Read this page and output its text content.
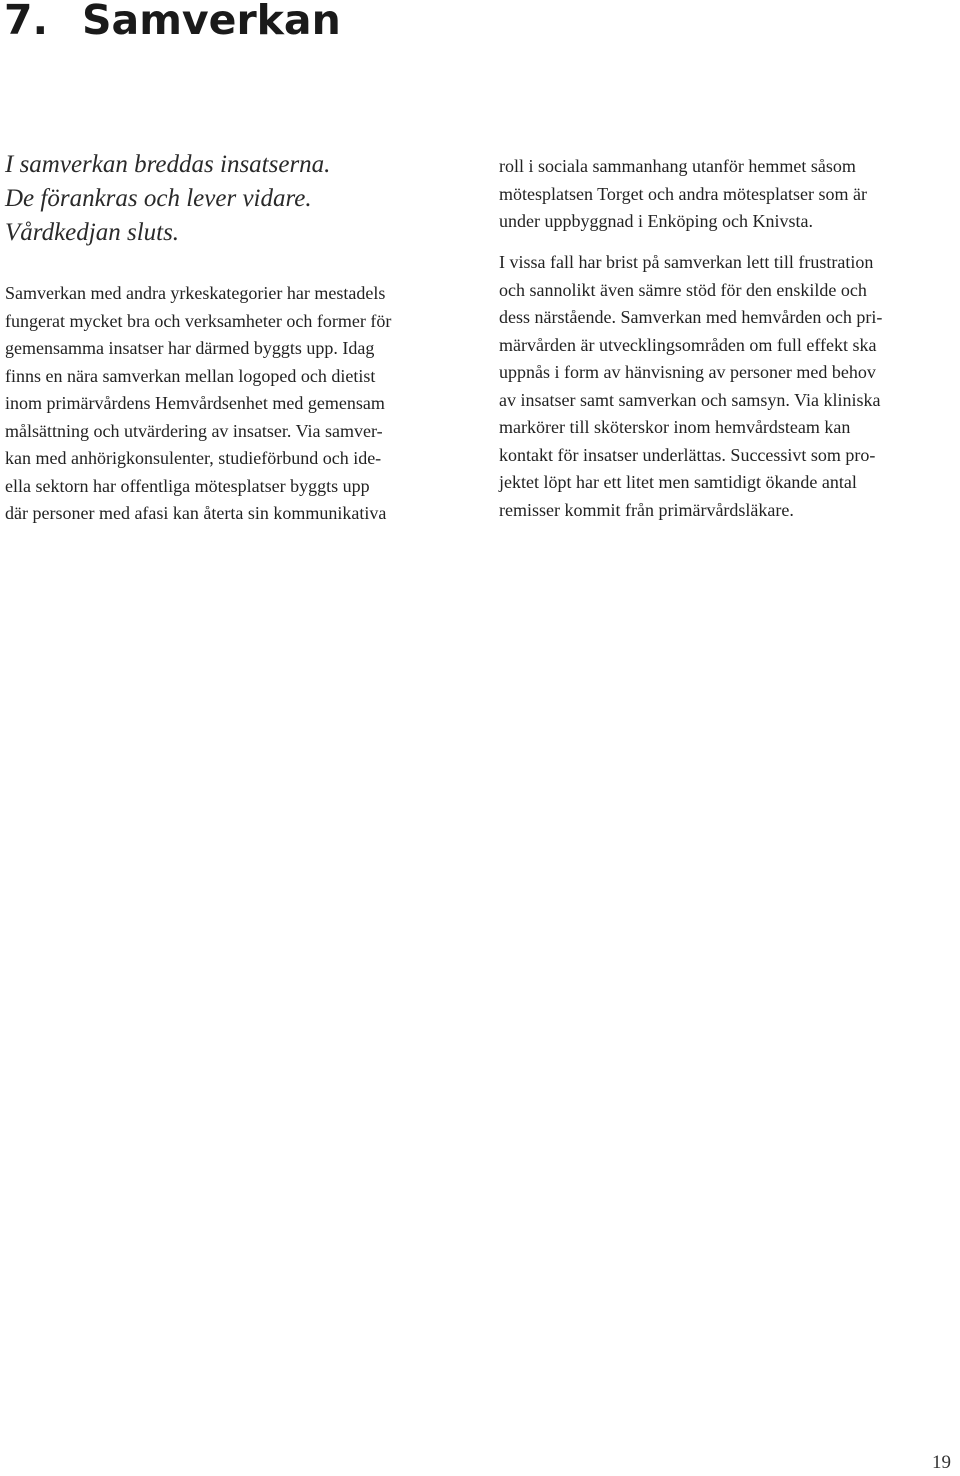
7. Samverkan

I samverkan breddas insatserna.
De förankras och lever vidare.
Vårdkedjan sluts.

Samverkan med andra yrkeskategorier har mestadels
fungerat mycket bra och verksamheter och former för
gemensamma insatser har därmed byggts upp. Idag
finns en nära samverkan mellan logoped och dietist
inom primärvårdens Hemvårdsenhet med gemensam
målsättning och utvärdering av insatser. Via samver-
kan med anhörigkonsulenter, studieförbund och ide-
ella sektorn har offentliga mötesplatser byggts upp
där personer med afasi kan återta sin kommunikativa

roll i sociala sammanhang utanför hemmet såsom
mötesplatsen Torget och andra mötesplatser som är
under uppbyggnad i Enköping och Knivsta.

I vissa fall har brist på samverkan lett till frustration
och sannolikt även sämre stöd för den enskilde och
dess närstående. Samverkan med hemvården och pri-
märvården är utvecklingsområden om full effekt ska
uppnås i form av hänvisning av personer med behov
av insatser samt samverkan och samsyn. Via kliniska
markörer till sköterskor inom hemvårdsteam kan
kontakt för insatser underlättas. Successivt som pro-
jektet löpt har ett litet men samtidigt ökande antal
remisser kommit från primärvårdsläkare.

19
